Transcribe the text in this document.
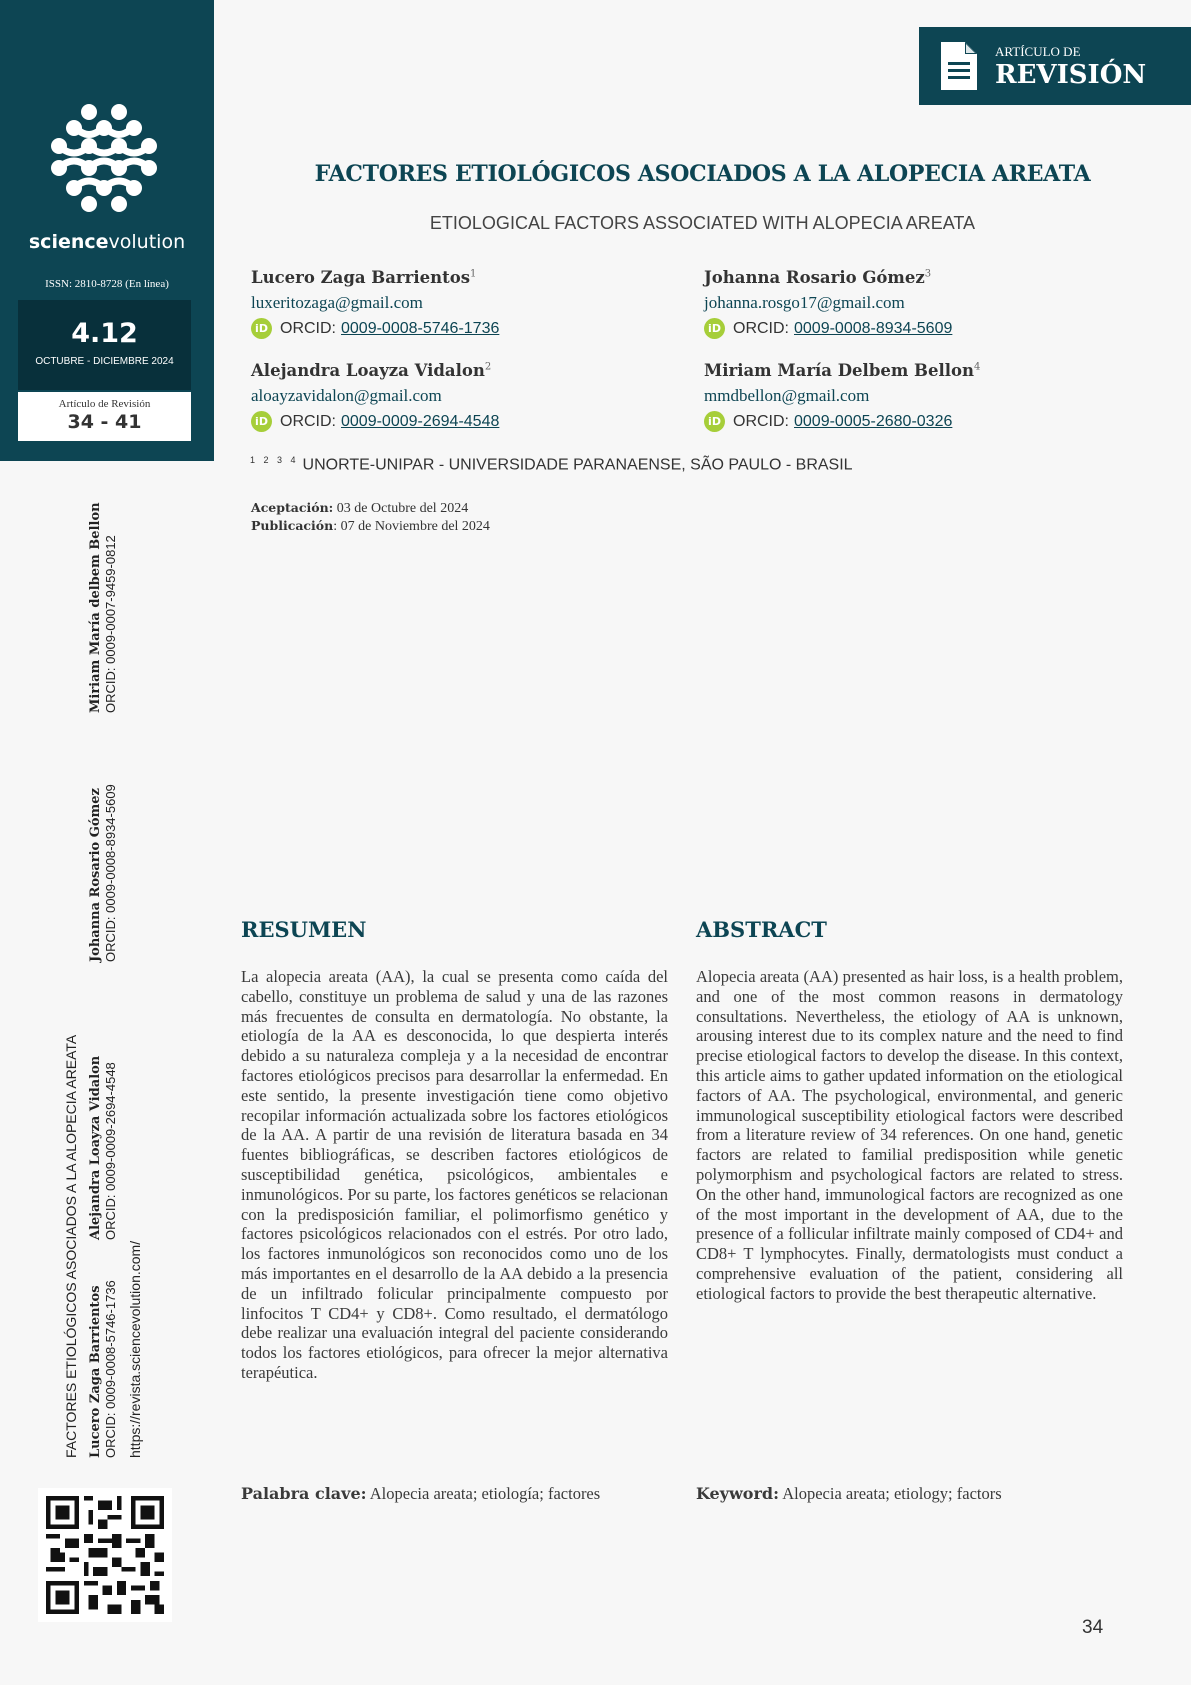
sciencevolution
ISSN: 2810-8728 (En línea)
4.12
OCTUBRE - DICIEMBRE 2024
Artículo de Revisión
34 - 41
FACTORES ETIOLÓGICOS ASOCIADOS A LA ALOPECIA AREATA Lucero Zaga Barrientos ORCID: 0009-0008-5746-1736
Alejandra Loayza Vidalon ORCID: 0009-0009-2694-4548
https://revista.sciencevolution.com/
Johanna Rosario Gómez ORCID: 0009-0008-8934-5609
Miriam María delbem Bellon ORCID: 0009-0007-9459-0812
ARTÍCULO DE
REVISIÓN
FACTORES ETIOLÓGICOS ASOCIADOS A LA ALOPECIA AREATA
ETIOLOGICAL FACTORS ASSOCIATED WITH ALOPECIA AREATA
Lucero Zaga Barrientos$^1$
luxeritozaga@gmail.com
iD ORCID: 0009-0008-5746-1736
Alejandra Loayza Vidalon$^2$
aloayzavidalon@gmail.com
iD ORCID: 0009-0009-2694-4548
Johanna Rosario Gómez$^3$
johanna.rosgo17@gmail.com
iD ORCID: 0009-0008-8934-5609
Miriam María Delbem Bellon$^4$
mmdbellon@gmail.com
iD ORCID: 0009-0005-2680-0326
$^{1 2 3 4}$ UNORTE-UNIPAR - UNIVERSIDADE PARANAENSE, SÃO PAULO - BRASIL
Aceptación: 03 de Octubre del 2024
Publicación: 07 de Noviembre del 2024
RESUMEN
La alopecia areata (AA), la cual se presenta como caída del cabello, constituye un problema de salud y una de las razones más frecuentes de consulta en dermatología. No obstante, la etiología de la AA es desconocida, lo que despierta interés debido a su naturaleza compleja y a la necesidad de encontrar factores etiológicos precisos para desarrollar la enfermedad. En este sentido, la presente investigación tiene como objetivo recopilar información actualizada sobre los factores etiológicos de la AA. A partir de una revisión de literatura basada en 34 fuentes bibliográficas, se describen factores etiológicos de susceptibilidad genética, psicológicos, ambientales e inmunológicos. Por su parte, los factores genéticos se relacionan con la predisposición familiar, el polimorfismo genético y factores psicológicos relacionados con el estrés. Por otro lado, los factores inmunológicos son reconocidos como uno de los más importantes en el desarrollo de la AA debido a la presencia de un infiltrado folicular principalmente compuesto por linfocitos T CD4+ y CD8+. Como resultado, el dermatólogo debe realizar una evaluación integral del paciente considerando todos los factores etiológicos, para ofrecer la mejor alternativa terapéutica.
Palabra clave: Alopecia areata; etiología; factores
ABSTRACT
Alopecia areata (AA) presented as hair loss, is a health problem, and one of the most common reasons in dermatology consultations. Nevertheless, the etiology of AA is unknown, arousing interest due to its complex nature and the need to find precise etiological factors to develop the disease. In this context, this article aims to gather updated information on the etiological factors of AA. The psychological, environmental, and generic immunological susceptibility etiological factors were described from a literature review of 34 references. On one hand, genetic factors are related to familial predisposition while genetic polymorphism and psychological factors are related to stress. On the other hand, immunological factors are recognized as one of the most important in the development of AA, due to the presence of a follicular infiltrate mainly composed of CD4+ and CD8+ T lymphocytes. Finally, dermatologists must conduct a comprehensive evaluation of the patient, considering all etiological factors to provide the best therapeutic alternative.
Keyword: Alopecia areata; etiology; factors
34
